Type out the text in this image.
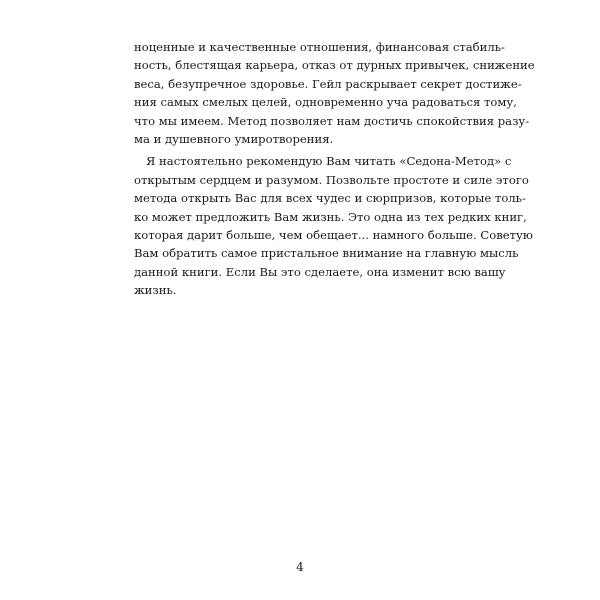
ноценные и качественные отношения, финансовая стабиль-
ность, блестящая карьера, отказ от дурных привычек, снижение
веса, безупречное здоровье. Гейл раскрывает секрет достиже-
ния самых смелых целей, одновременно уча радоваться тому,
что мы имеем. Метод позволяет нам достичь спокойствия разу-
ма и душевного умиротворения.
Я настоятельно рекомендую Вам читать «Седона-Метод» с
открытым сердцем и разумом. Позвольте простоте и силе этого
метода открыть Вас для всех чудес и сюрпризов, которые толь-
ко может предложить Вам жизнь. Это одна из тех редких книг,
которая дарит больше, чем обещает... намного больше. Советую
Вам обратить самое пристальное внимание на главную мысль
данной книги. Если Вы это сделаете, она изменит всю вашу
жизнь.
4
